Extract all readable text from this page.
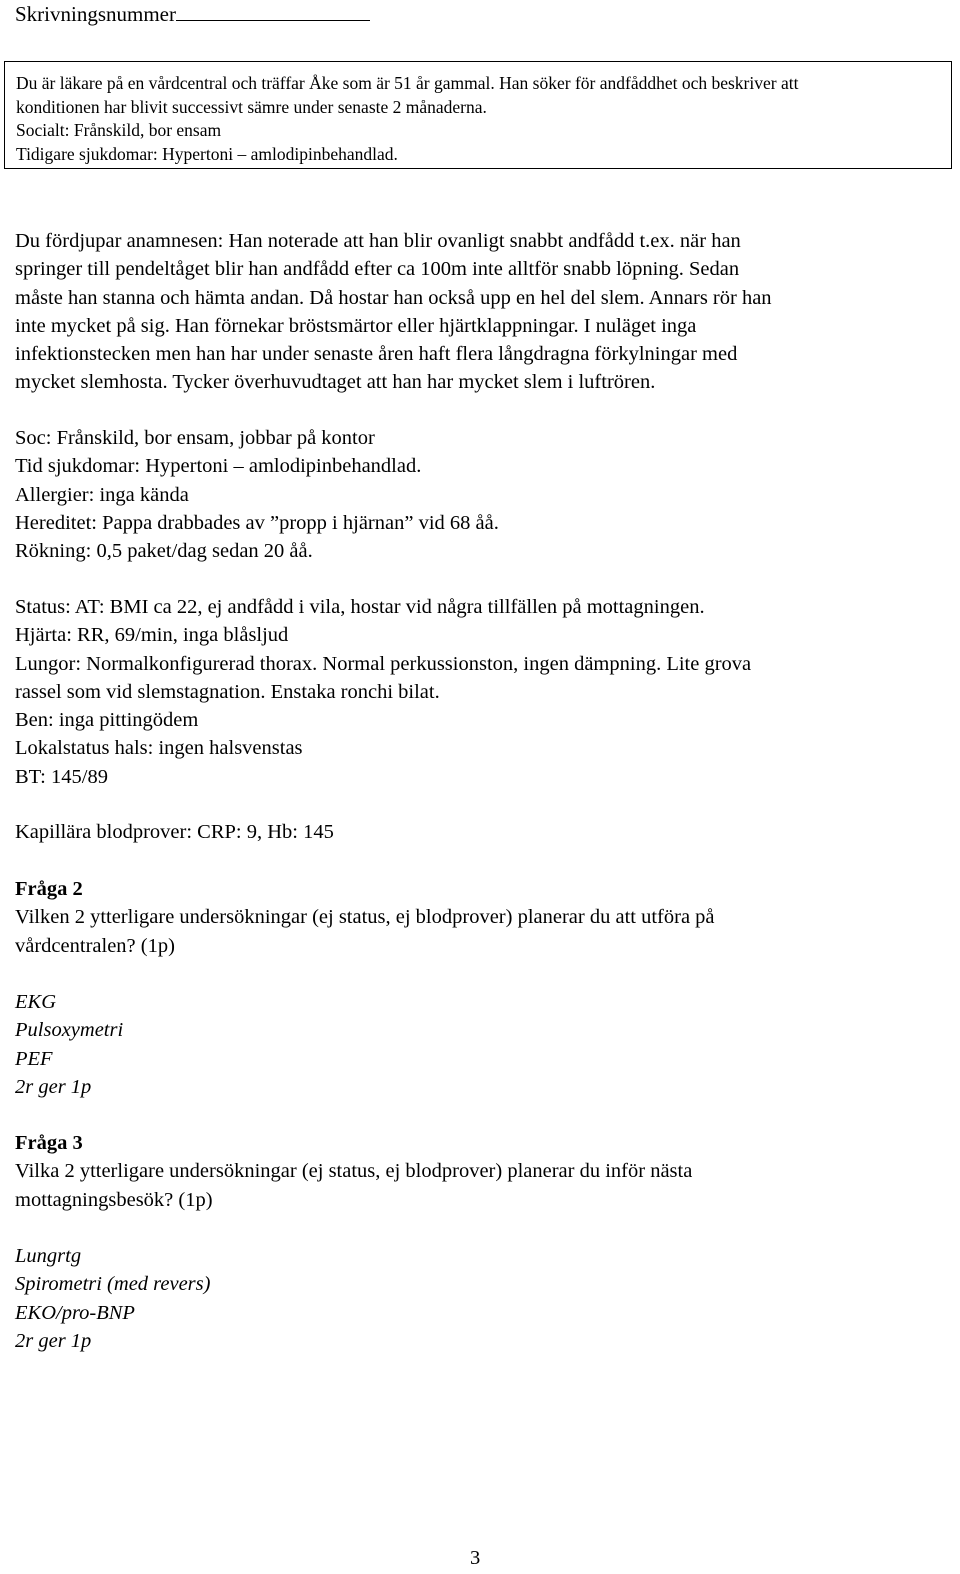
Skrivningsnummer

Du är läkare på en vårdcentral och träffar Åke som är 51 år gammal. Han söker för andfåddhet och beskriver att

konditionen har blivit successivt sämre under senaste 2 månaderna.

Socialt: Frånskild, bor ensam

Tidigare sjukdomar: Hypertoni – amlodipinbehandlad.

Du fördjupar anamnesen: Han noterade att han blir ovanligt snabbt andfådd t.ex. när han

springer till pendeltåget blir han andfådd efter ca 100m inte alltför snabb löpning. Sedan

måste han stanna och hämta andan. Då hostar han också upp en hel del slem. Annars rör han

inte mycket på sig. Han förnekar bröstsmärtor eller hjärtklappningar. I nuläget inga

infektionstecken men han har under senaste åren haft flera långdragna förkylningar med

mycket slemhosta. Tycker överhuvudtaget att han har mycket slem i luftrören.

Soc: Frånskild, bor ensam, jobbar på kontor

Tid sjukdomar: Hypertoni – amlodipinbehandlad.

Allergier: inga kända

Hereditet: Pappa drabbades av ”propp i hjärnan” vid 68 åå.

Rökning: 0,5 paket/dag sedan 20 åå.

Status: AT: BMI ca 22, ej andfådd i vila, hostar vid några tillfällen på mottagningen.

Hjärta: RR, 69/min, inga blåsljud

Lungor: Normalkonfigurerad thorax. Normal perkussionston, ingen dämpning. Lite grova

rassel som vid slemstagnation. Enstaka ronchi bilat.

Ben: inga pittingödem

Lokalstatus hals: ingen halsvenstas

BT: 145/89

Kapillära blodprover: CRP: 9, Hb: 145

Fråga 2

Vilken 2 ytterligare undersökningar (ej status, ej blodprover) planerar du att utföra på

vårdcentralen? (1p)

EKG

Pulsoxymetri

PEF

2r ger 1p

Fråga 3

Vilka 2 ytterligare undersökningar (ej status, ej blodprover) planerar du inför nästa

mottagningsbesök? (1p)

Lungrtg

Spirometri (med revers)

EKO/pro-BNP

2r ger 1p

3
